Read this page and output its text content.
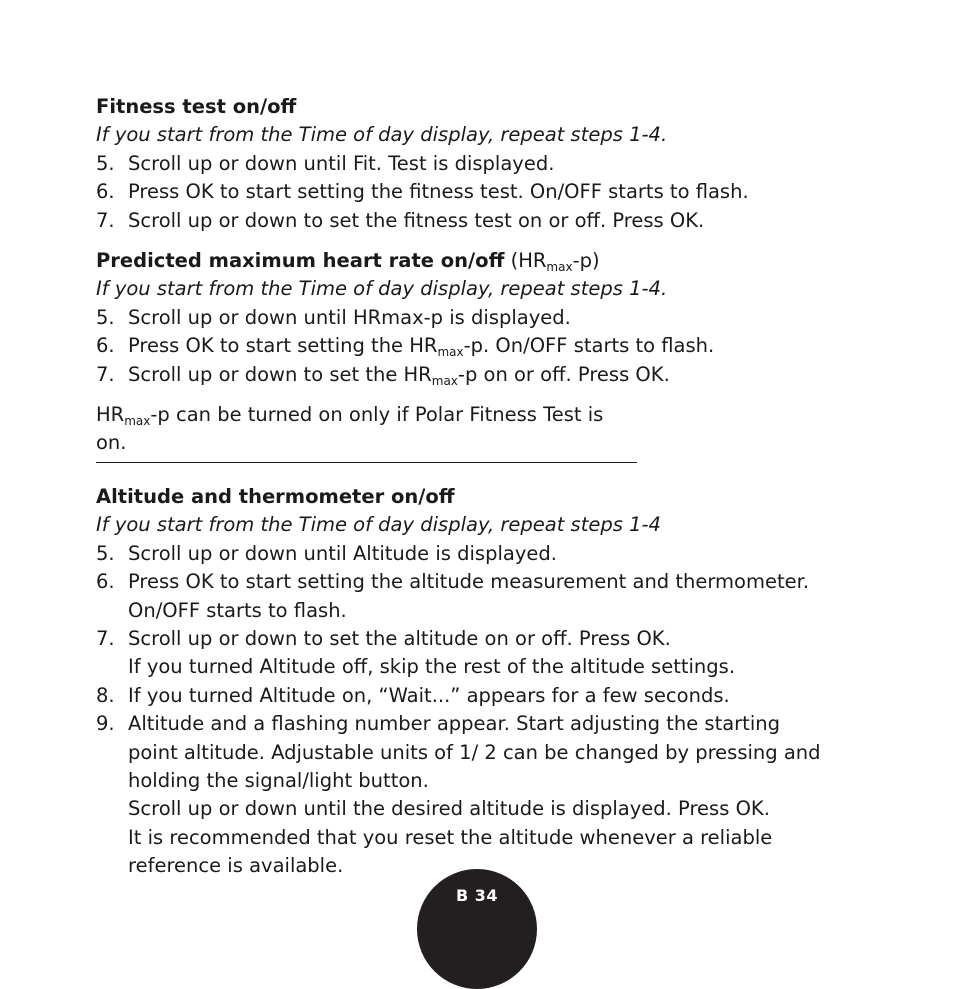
Fitness test on/off
If you start from the Time of day display, repeat steps 1-4.
5. Scroll up or down until Fit. Test is displayed.
6. Press OK to start setting the fitness test. On/OFF starts to flash.
7. Scroll up or down to set the fitness test on or off. Press OK.
Predicted maximum heart rate on/off $(HR_{max}-p)$
If you start from the Time of day display, repeat steps 1-4.
5. Scroll up or down until HRmax-p is displayed.
6. Press OK to start setting the $HR_{max}-p$. On/OFF starts to flash.
7. Scroll up or down to set the $HR_{max}-p$ on or off. Press OK.
$HR_{max}-p$ can be turned on only if Polar Fitness Test is on.
Altitude and thermometer on/off
If you start from the Time of day display, repeat steps 1-4
5. Scroll up or down until Altitude is displayed.
6. Press OK to start setting the altitude measurement and thermometer.
On/OFF starts to flash.
7. Scroll up or down to set the altitude on or off. Press OK.
If you turned Altitude off, skip the rest of the altitude settings.
8. If you turned Altitude on, “Wait...” appears for a few seconds.
9. Altitude and a flashing number appear. Start adjusting the starting
point altitude. Adjustable units of 1/ 2 can be changed by pressing and
holding the signal/light button.
Scroll up or down until the desired altitude is displayed. Press OK.
It is recommended that you reset the altitude whenever a reliable
reference is available.
B 34
